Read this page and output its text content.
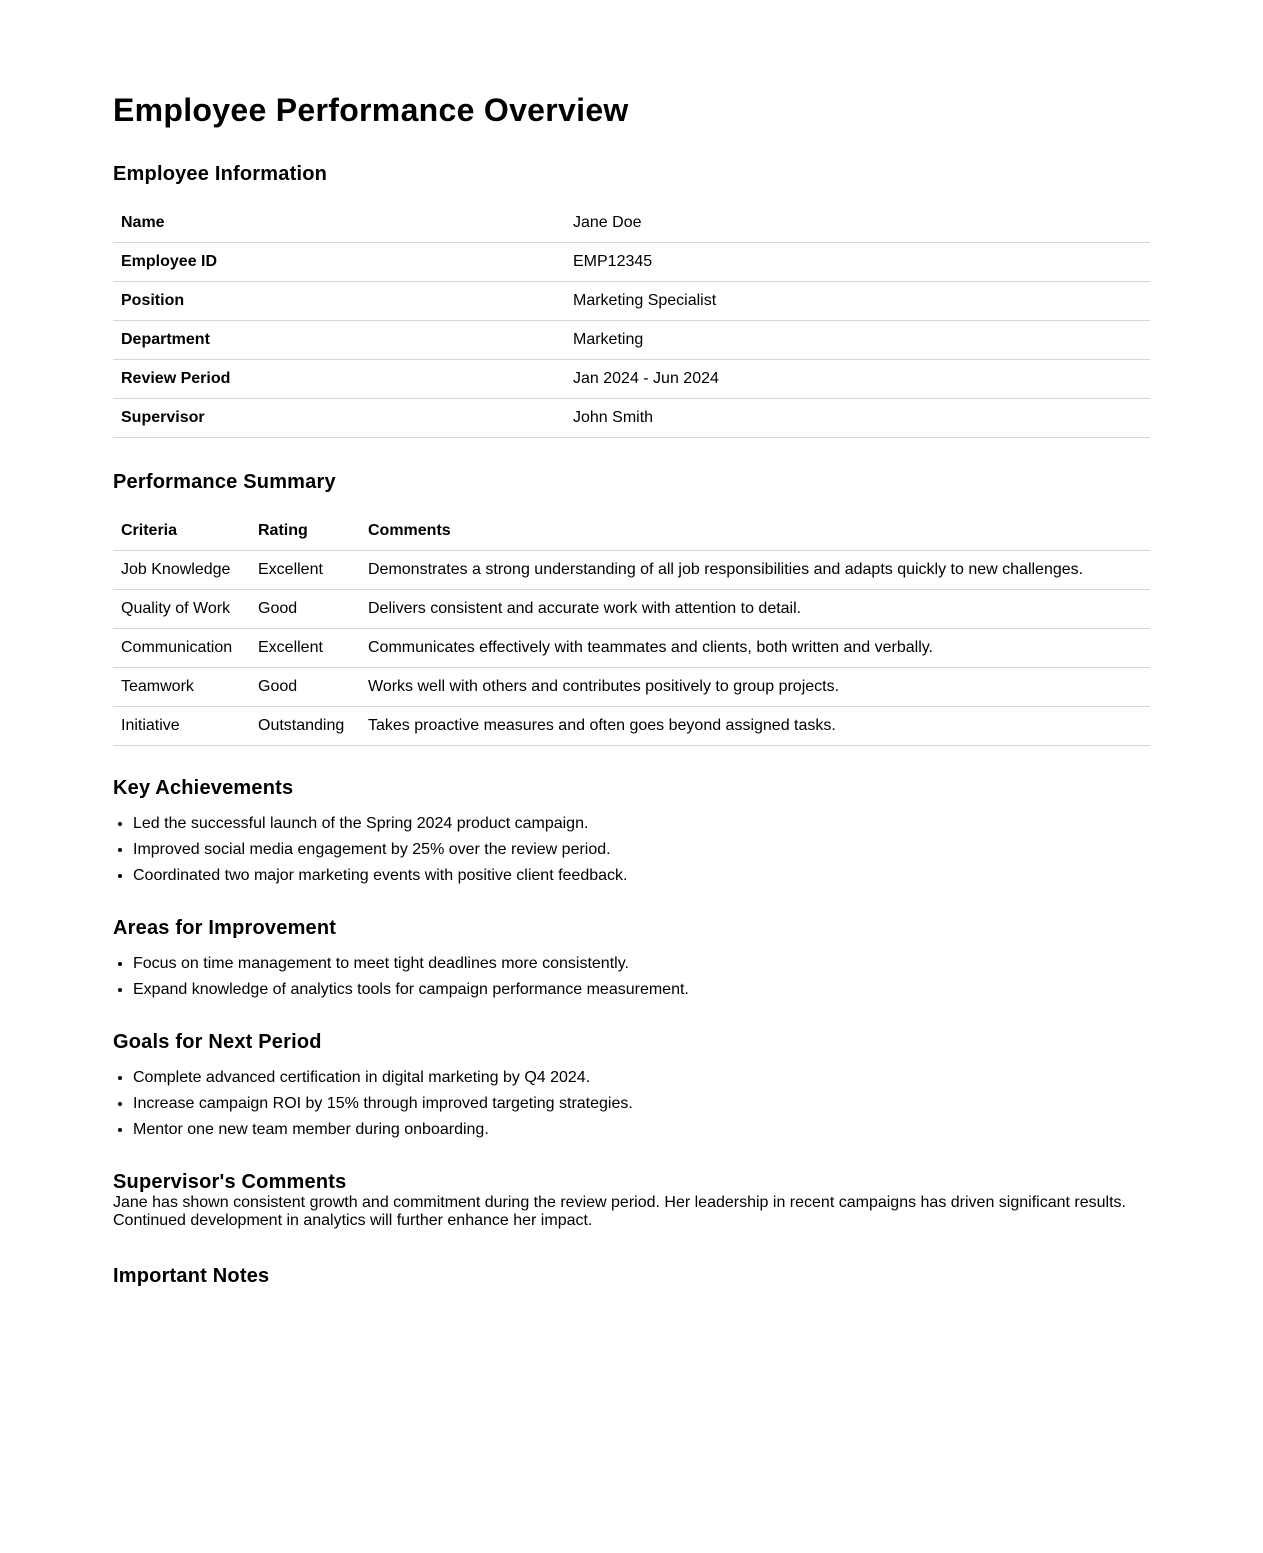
Employee Performance Overview
Employee Information
Name	Jane Doe
Employee ID	EMP12345
Position	Marketing Specialist
Department	Marketing
Review Period	Jan 2024 - Jun 2024
Supervisor	John Smith
Performance Summary
Criteria	Rating	Comments
Job Knowledge	Excellent	Demonstrates a strong understanding of all job responsibilities and adapts quickly to new challenges.
Quality of Work	Good	Delivers consistent and accurate work with attention to detail.
Communication	Excellent	Communicates effectively with teammates and clients, both written and verbally.
Teamwork	Good	Works well with others and contributes positively to group projects.
Initiative	Outstanding	Takes proactive measures and often goes beyond assigned tasks.
Key Achievements
• Led the successful launch of the Spring 2024 product campaign.
• Improved social media engagement by 25% over the review period.
• Coordinated two major marketing events with positive client feedback.
Areas for Improvement
• Focus on time management to meet tight deadlines more consistently.
• Expand knowledge of analytics tools for campaign performance measurement.
Goals for Next Period
• Complete advanced certification in digital marketing by Q4 2024.
• Increase campaign ROI by 15% through improved targeting strategies.
• Mentor one new team member during onboarding.
Supervisor's Comments

Jane has shown consistent growth and commitment during the review period. Her leadership in recent campaigns has driven significant results. Continued development in analytics will further enhance her impact.

Important Notes
